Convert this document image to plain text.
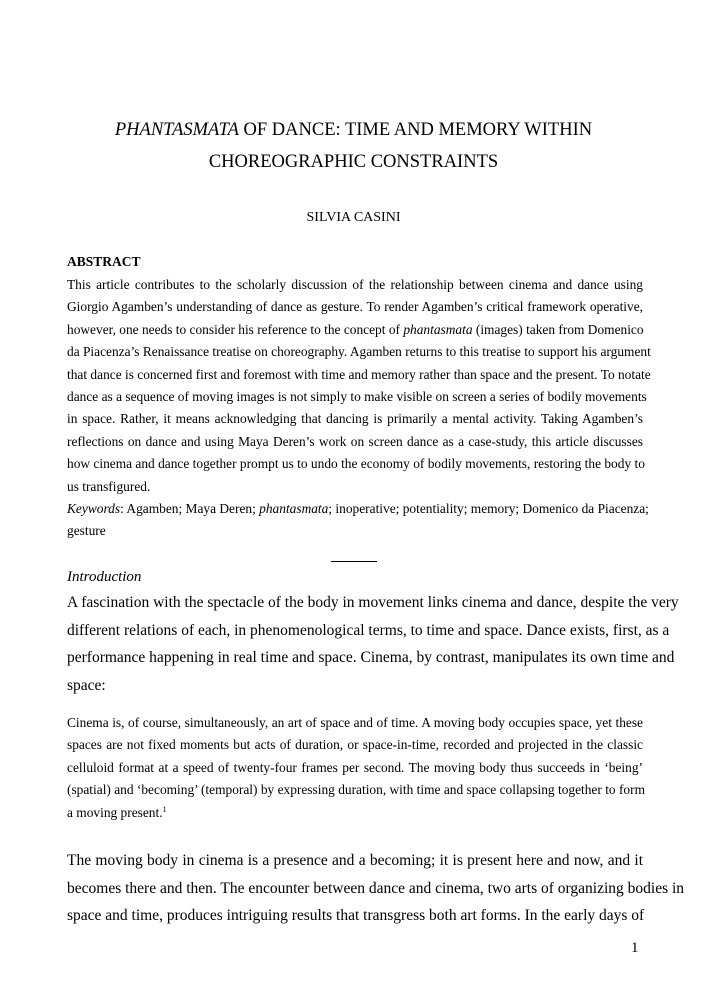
PHANTASMATA OF DANCE: TIME AND MEMORY WITHIN
CHOREOGRAPHIC CONSTRAINTS
SILVIA CASINI
ABSTRACT
This article contributes to the scholarly discussion of the relationship between cinema and dance using
Giorgio Agamben’s understanding of dance as gesture. To render Agamben’s critical framework operative,
however, one needs to consider his reference to the concept of phantasmata (images) taken from Domenico
da Piacenza’s Renaissance treatise on choreography. Agamben returns to this treatise to support his argument
that dance is concerned first and foremost with time and memory rather than space and the present. To notate
dance as a sequence of moving images is not simply to make visible on screen a series of bodily movements
in space. Rather, it means acknowledging that dancing is primarily a mental activity. Taking Agamben’s
reflections on dance and using Maya Deren’s work on screen dance as a case-study, this article discusses
how cinema and dance together prompt us to undo the economy of bodily movements, restoring the body to
us transfigured.
Keywords: Agamben; Maya Deren; phantasmata; inoperative; potentiality; memory; Domenico da Piacenza;
gesture
Introduction
A fascination with the spectacle of the body in movement links cinema and dance, despite the very
different relations of each, in phenomenological terms, to time and space. Dance exists, first, as a
performance happening in real time and space. Cinema, by contrast, manipulates its own time and
space:
Cinema is, of course, simultaneously, an art of space and of time. A moving body occupies space, yet these
spaces are not fixed moments but acts of duration, or space-in-time, recorded and projected in the classic
celluloid format at a speed of twenty-four frames per second. The moving body thus succeeds in ‘being’
(spatial) and ‘becoming’ (temporal) by expressing duration, with time and space collapsing together to form
a moving present.$^1$
The moving body in cinema is a presence and a becoming; it is present here and now, and it
becomes there and then. The encounter between dance and cinema, two arts of organizing bodies in
space and time, produces intriguing results that transgress both art forms. In the early days of
1
